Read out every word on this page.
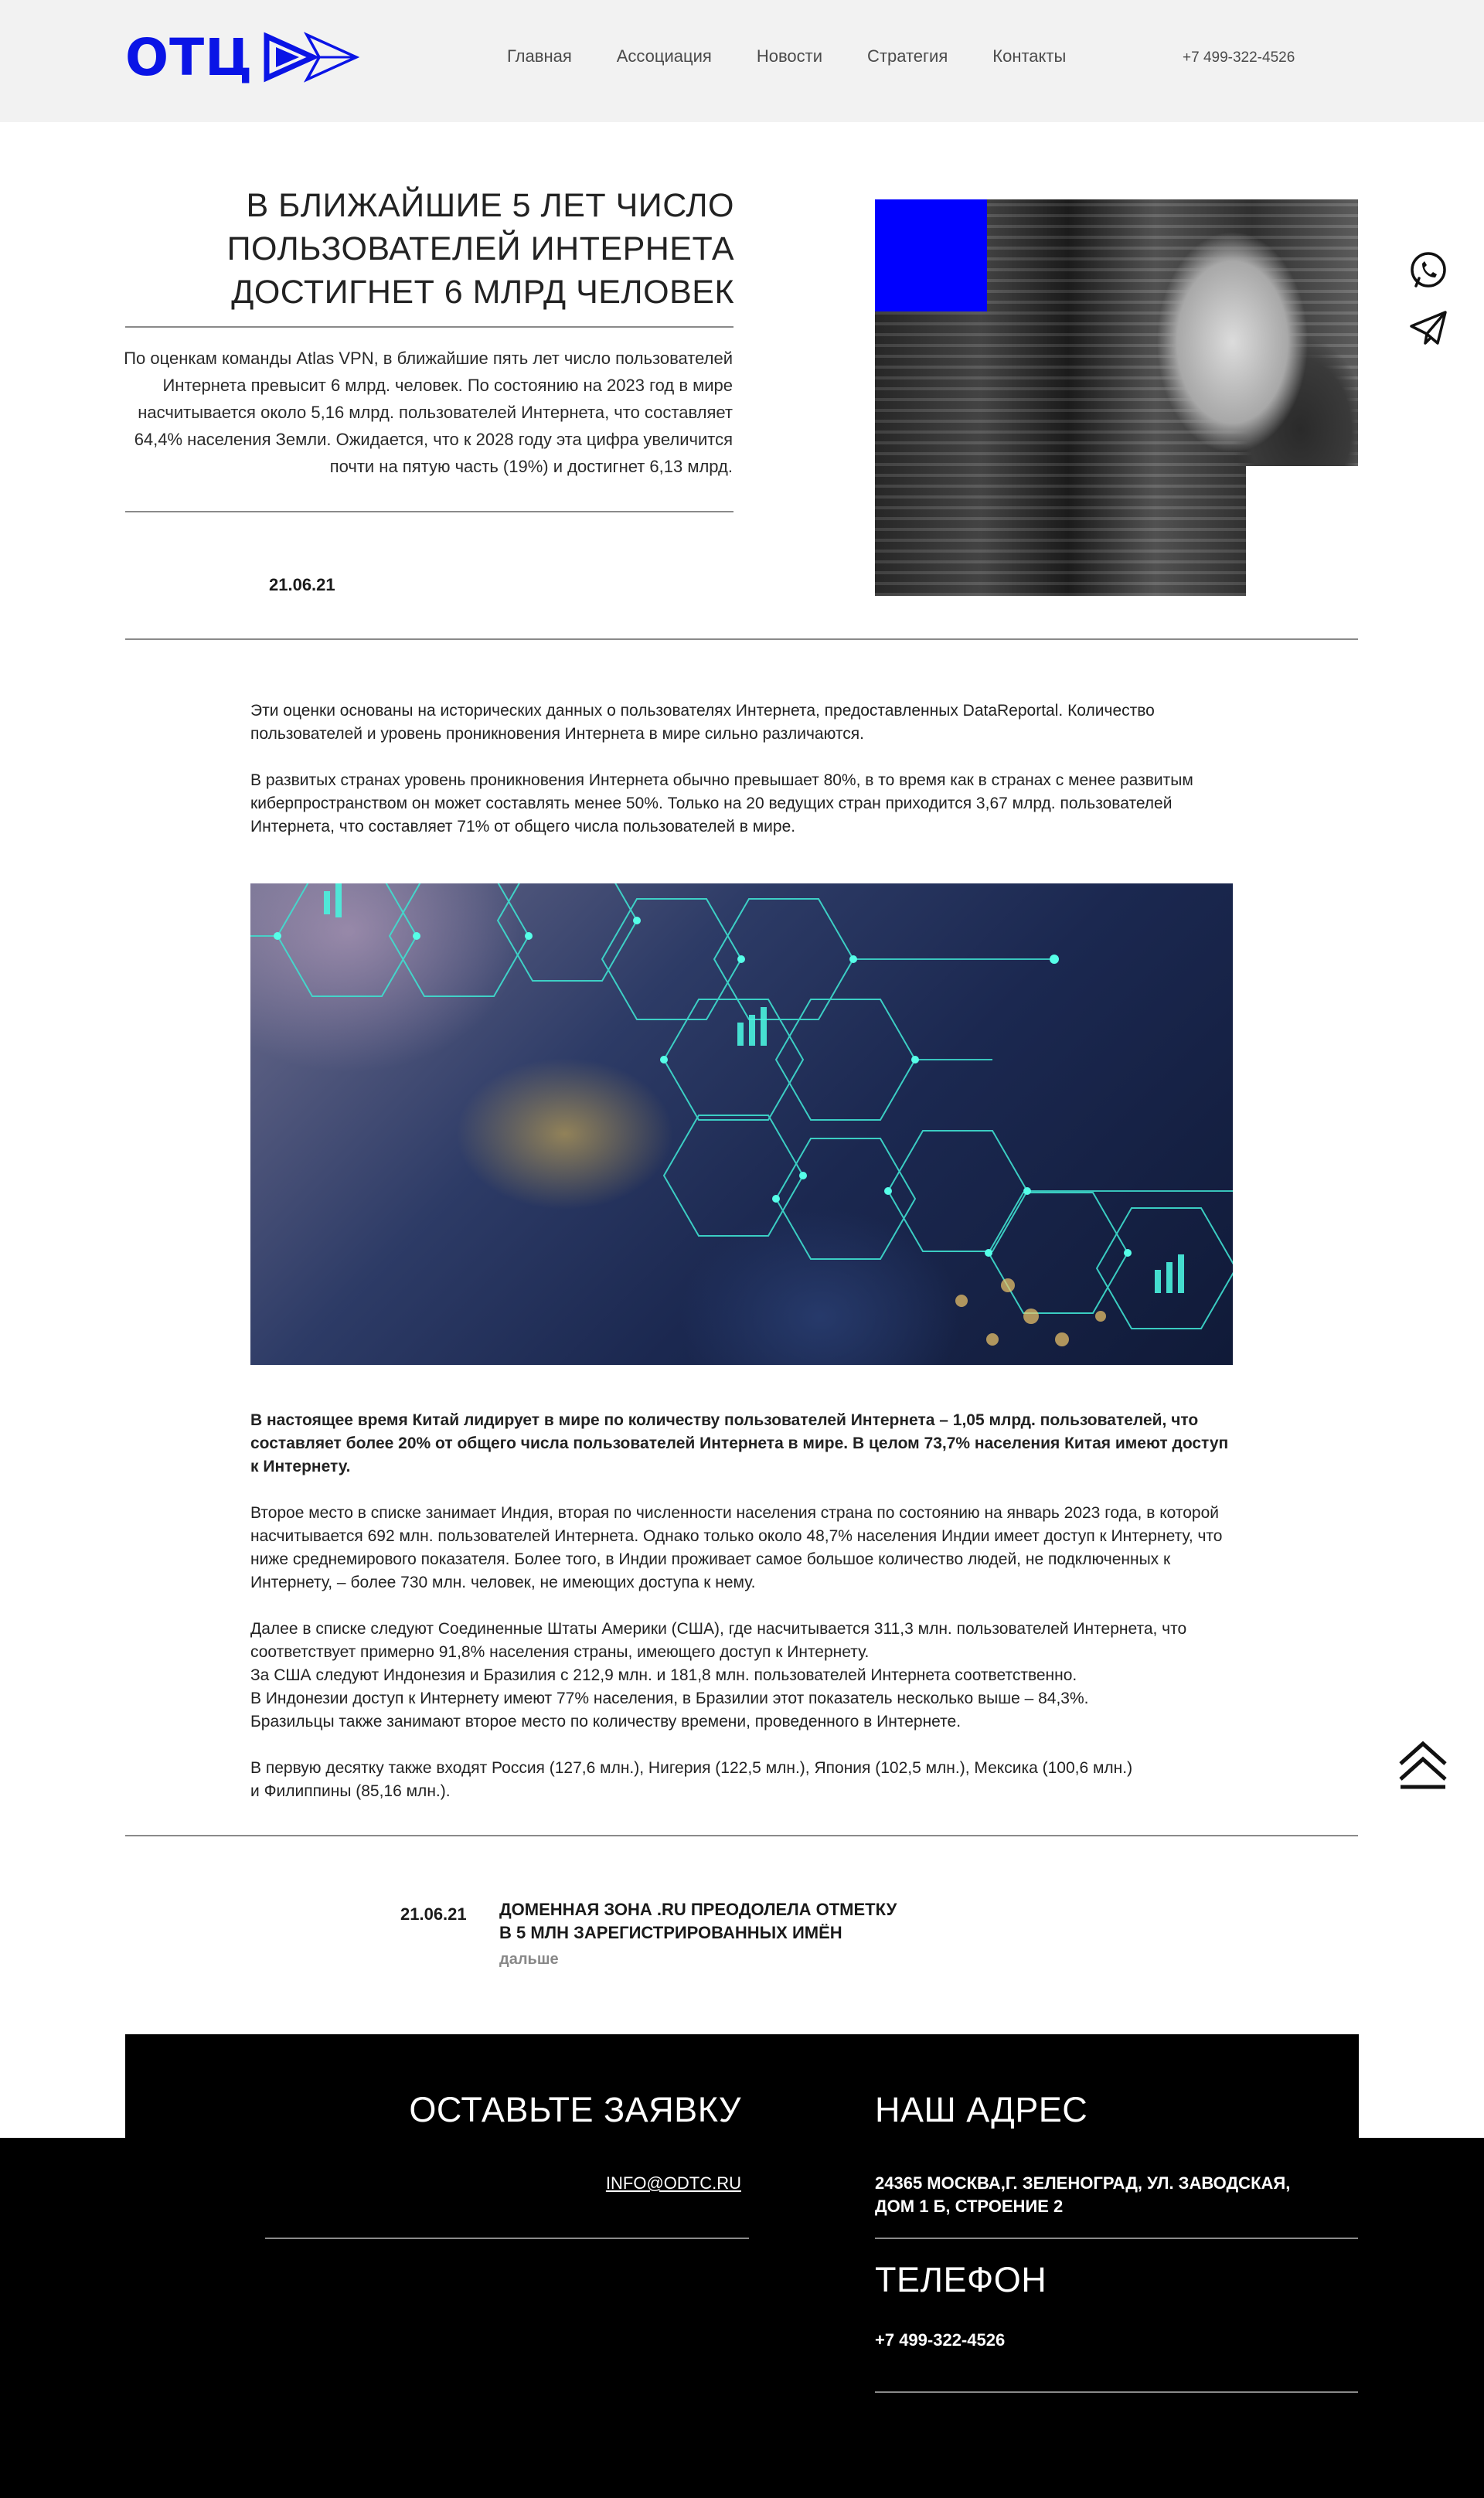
ОТЦ	Главная	Ассоциация	Новости	Стратегия	Контакты	+7 499-322-4526
В БЛИЖАЙШИЕ 5 ЛЕТ ЧИСЛО ПОЛЬЗОВАТЕЛЕЙ ИНТЕРНЕТА ДОСТИГНЕТ 6 МЛРД ЧЕЛОВЕК

По оценкам команды Atlas VPN, в ближайшие пять лет число пользователей Интернета превысит 6 млрд. человек. По состоянию на 2023 год в мире насчитывается около 5,16 млрд. пользователей Интернета, что составляет 64,4% населения Земли. Ожидается, что к 2028 году эта цифра увеличится почти на пятую часть (19%) и достигнет 6,13 млрд.

21.06.21

Эти оценки основаны на исторических данных о пользователях Интернета, предоставленных DataReportal. Количество пользователей и уровень проникновения Интернета в мире сильно различаются.

В развитых странах уровень проникновения Интернета обычно превышает 80%, в то время как в странах с менее развитым киберпространством он может составлять менее 50%. Только на 20 ведущих стран приходится 3,67 млрд. пользователей Интернета, что составляет 71% от общего числа пользователей в мире.

В настоящее время Китай лидирует в мире по количеству пользователей Интернета – 1,05 млрд. пользователей, что составляет более 20% от общего числа пользователей Интернета в мире. В целом 73,7% населения Китая имеют доступ к Интернету.

Второе место в списке занимает Индия, вторая по численности населения страна по состоянию на январь 2023 года, в которой насчитывается 692 млн. пользователей Интернета. Однако только около 48,7% населения Индии имеет доступ к Интернету, что ниже среднемирового показателя. Более того, в Индии проживает самое большое количество людей, не подключенных к Интернету, – более 730 млн. человек, не имеющих доступа к нему.

Далее в списке следуют Соединенные Штаты Америки (США), где насчитывается 311,3 млн. пользователей Интернета, что соответствует примерно 91,8% населения страны, имеющего доступ к Интернету.
За США следуют Индонезия и Бразилия с 212,9 млн. и 181,8 млн. пользователей Интернета соответственно.
В Индонезии доступ к Интернету имеют 77% населения, в Бразилии этот показатель несколько выше – 84,3%.
Бразильцы также занимают второе место по количеству времени, проведенного в Интернете.

В первую десятку также входят Россия (127,6 млн.), Нигерия (122,5 млн.), Япония (102,5 млн.), Мексика (100,6 млн.)
и Филиппины (85,16 млн.).

21.06.21 ДОМЕННАЯ ЗОНА .RU ПРЕОДОЛЕЛА ОТМЕТКУ
В 5 МЛН ЗАРЕГИСТРИРОВАННЫХ ИМЁН
дальше
ОСТАВЬТЕ ЗАЯВКУ
INFO@ODTC.RU
НАШ АДРЕС
24365 МОСКВА,Г. ЗЕЛЕНОГРАД, УЛ. ЗАВОДСКАЯ,
ДОМ 1 Б, СТРОЕНИЕ 2
ТЕЛЕФОН
+7 499-322-4526
